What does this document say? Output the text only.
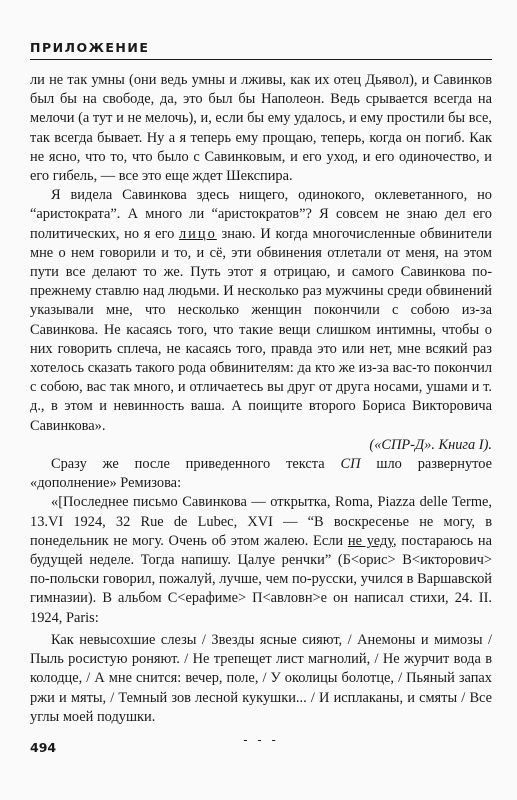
ПРИЛОЖЕНИЕ

ли не так умны (они ведь умны и лживы, как их отец Дьявол), и Савинков был бы на свободе, да, это был бы Наполеон. Ведь срывается всегда на мелочи (а тут и не мелочь), и, если бы ему удалось, и ему простили бы все, так всегда бывает. Ну а я теперь ему прощаю, теперь, когда он погиб. Как не ясно, что то, что было с Савинковым, и его уход, и его одиночество, и его гибель, — все это еще ждет Шекспира.

Я видела Савинкова здесь нищего, одинокого, оклеветанного, но “аристократа”. А много ли “аристократов”? Я совсем не знаю дел его политических, но я его лицо знаю. И когда многочисленные обвинители мне о нем говорили и то, и сё, эти обвинения отлетали от меня, на этом пути все делают то же. Путь этот я отрицаю, и самого Савинкова по-прежнему ставлю над людьми. И несколько раз мужчины среди обвинений указывали мне, что несколько женщин покончили с собою из-за Савинкова. Не касаясь того, что такие вещи слишком интимны, чтобы о них говорить сплеча, не касаясь того, правда это или нет, мне всякий раз хотелось сказать такого рода обвинителям: да кто же из-за вас-то покончил с собою, вас так много, и отличаетесь вы друг от друга носами, ушами и т. д., в этом и невинность ваша. А поищите второго Бориса Викторовича Савинкова».

(«СПР-Д». Книга I).

Сразу же после приведенного текста СП шло развернутое «дополнение» Ремизова:

«[Последнее письмо Савинкова — открытка, Roma, Piazza delle Terme, 13.VI 1924, 32 Rue de Lubec, XVI — “В воскресенье не могу, в понедельник не могу. Очень об этом жалею. Если не уеду, постараюсь на будущей неделе. Тогда напишу. Цалуе ренчки” (Б<орис> В<икторович> по-польски говорил, пожалуй, лучше, чем по-русски, учился в Варшавской гимназии). В альбом С<ерафиме> П<авловн>е он написал стихи, 24. II. 1924, Paris:

Как невысохшие слезы / Звезды ясные сияют, / Анемоны и мимозы / Пыль росистую роняют. / Не трепещет лист магнолий, / Не журчит вода в колодце, / А мне снится: вечер, поле, / У околицы болотце, / Пьяный запах ржи и мяты, / Темный зов лесной кукушки... / И исплаканы, и смяты / Все углы моей подушки.

- - -
494
